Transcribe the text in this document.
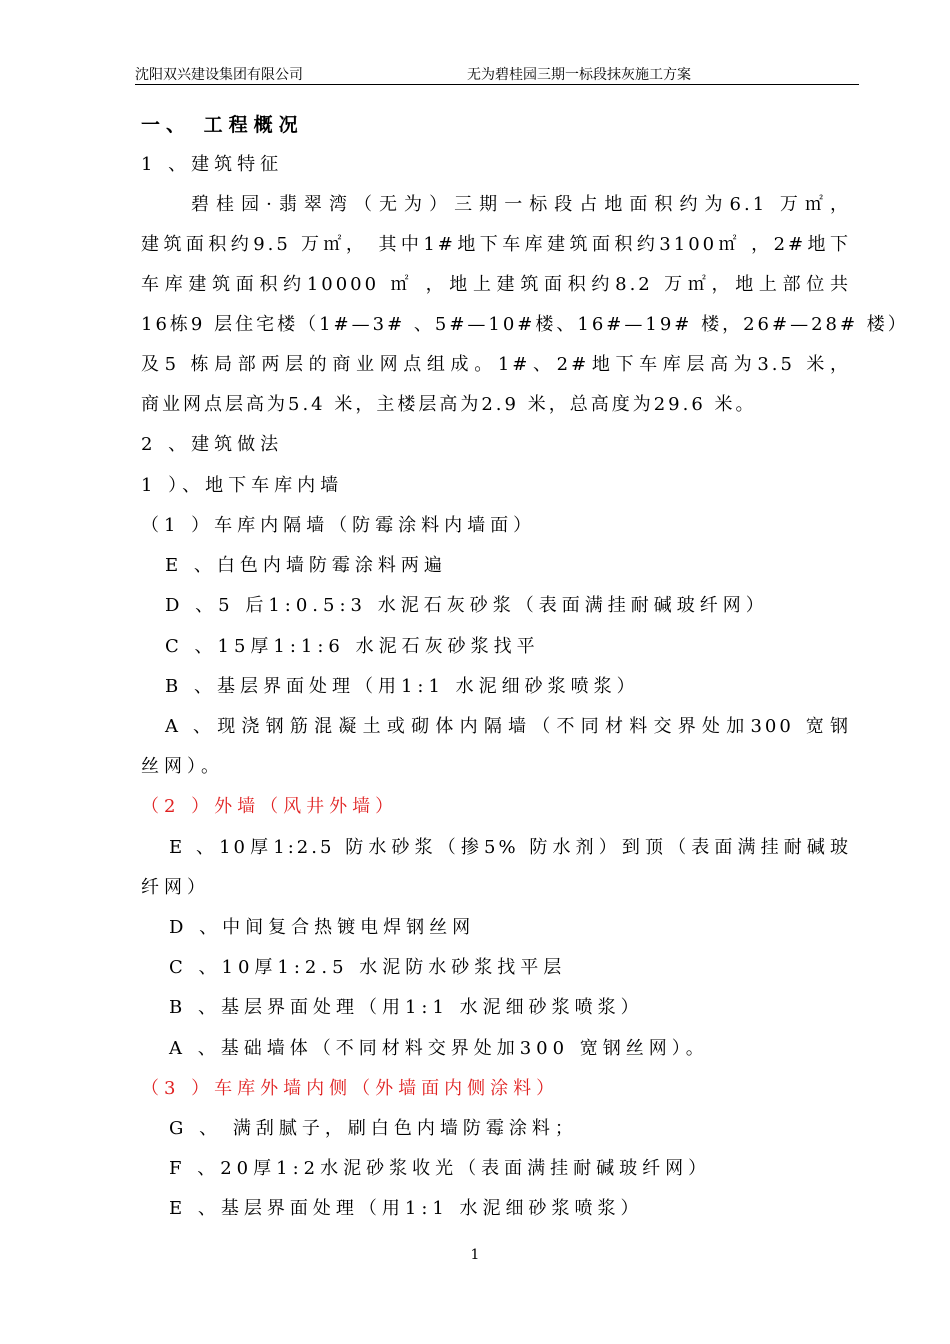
沈阳双兴建设集团有限公司	无为碧桂园三期一标段抹灰施工方案
一、 工程概况
1 、建筑特征
碧桂园·翡翠湾（无为）三期一标段占地面积约为6.1 万㎡，
建筑面积约9.5 万㎡， 其中1#地下车库建筑面积约3100㎡ ，2#地下
车库建筑面积约10000 ㎡ ，地上建筑面积约8.2 万㎡，地上部位共
16栋9 层住宅楼（1#—3# 、5#—10#楼、16#—19# 楼，26#—28# 楼）
及5 栋局部两层的商业网点组成。1#、2#地下车库层高为3.5 米，
商业网点层高为5.4 米，主楼层高为2.9 米，总高度为29.6 米。
2 、建筑做法
1 ）、地下车库内墙
（1 ）车库内隔墙（防霉涂料内墙面）
E 、白色内墙防霉涂料两遍
D 、5 后1:0.5:3 水泥石灰砂浆（表面满挂耐碱玻纤网）
C 、15厚1:1:6 水泥石灰砂浆找平
B 、基层界面处理（用1:1 水泥细砂浆喷浆）
A 、现浇钢筋混凝土或砌体内隔墙（不同材料交界处加300 宽钢
丝网）。
（2 ）外墙（风井外墙）
E 、10厚1:2.5 防水砂浆（掺5% 防水剂）到顶（表面满挂耐碱玻
纤网）
D 、中间复合热镀电焊钢丝网
C 、10厚1:2.5 水泥防水砂浆找平层
B 、基层界面处理（用1:1 水泥细砂浆喷浆）
A 、基础墙体（不同材料交界处加300 宽钢丝网）。
（3 ）车库外墙内侧（外墙面内侧涂料）
G 、 满刮腻子，刷白色内墙防霉涂料；
F 、20厚1:2水泥砂浆收光（表面满挂耐碱玻纤网）
E 、基层界面处理（用1:1 水泥细砂浆喷浆）
1
